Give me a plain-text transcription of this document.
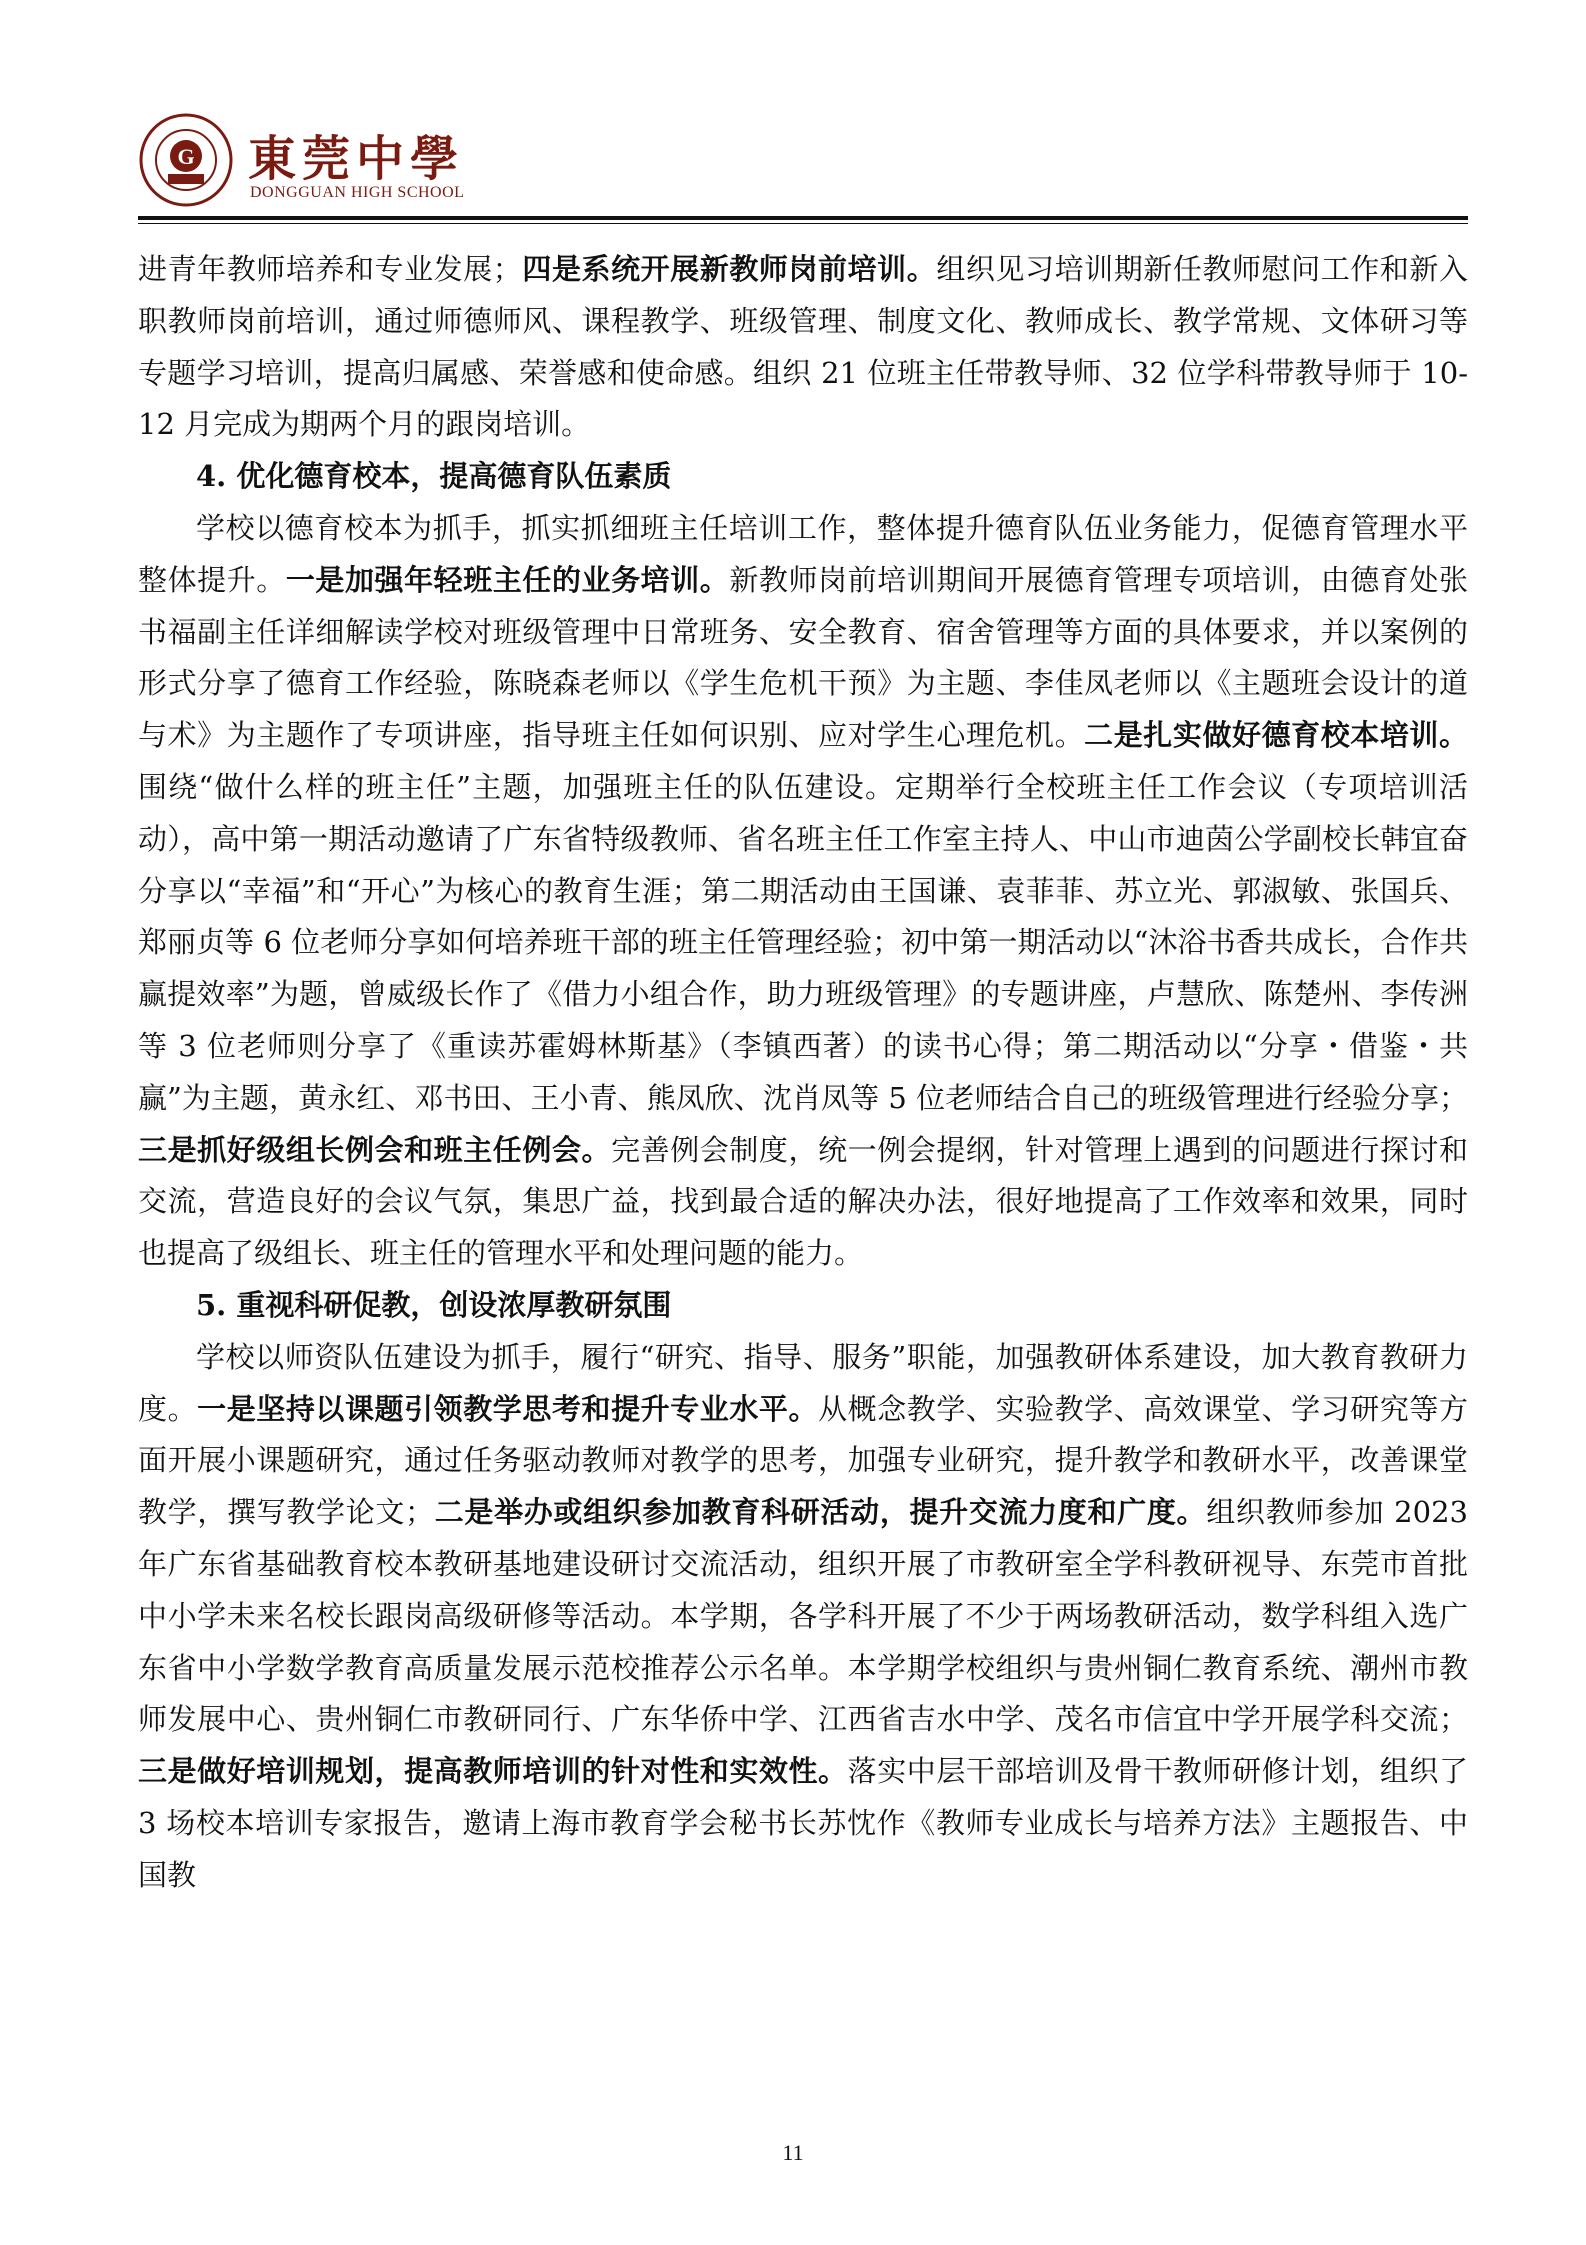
G 東莞中學
DONGGUAN HIGH SCHOOL

进青年教师培养和专业发展；四是系统开展新教师岗前培训。组织见习培训期新任教师慰问工作和新入职教师岗前培训，通过师德师风、课程教学、班级管理、制度文化、教师成长、教学常规、文体研习等专题学习培训，提高归属感、荣誉感和使命感。组织 21 位班主任带教导师、32 位学科带教导师于 10-12 月完成为期两个月的跟岗培训。

4. 优化德育校本，提高德育队伍素质

学校以德育校本为抓手，抓实抓细班主任培训工作，整体提升德育队伍业务能力，促德育管理水平整体提升。一是加强年轻班主任的业务培训。新教师岗前培训期间开展德育管理专项培训，由德育处张书福副主任详细解读学校对班级管理中日常班务、安全教育、宿舍管理等方面的具体要求，并以案例的形式分享了德育工作经验，陈晓森老师以《学生危机干预》为主题、李佳凤老师以《主题班会设计的道与术》为主题作了专项讲座，指导班主任如何识别、应对学生心理危机。二是扎实做好德育校本培训。围绕“做什么样的班主任”主题，加强班主任的队伍建设。定期举行全校班主任工作会议（专项培训活动），高中第一期活动邀请了广东省特级教师、省名班主任工作室主持人、中山市迪茵公学副校长韩宜奋分享以“幸福”和“开心”为核心的教育生涯；第二期活动由王国谦、袁菲菲、苏立光、郭淑敏、张国兵、郑丽贞等 6 位老师分享如何培养班干部的班主任管理经验；初中第一期活动以“沐浴书香共成长，合作共赢提效率”为题，曾威级长作了《借力小组合作，助力班级管理》的专题讲座，卢慧欣、陈楚州、李传洲等 3 位老师则分享了《重读苏霍姆林斯基》（李镇西著）的读书心得；第二期活动以“分享・借鉴・共赢”为主题，黄永红、邓书田、王小青、熊凤欣、沈肖凤等 5 位老师结合自己的班级管理进行经验分享；三是抓好级组长例会和班主任例会。完善例会制度，统一例会提纲，针对管理上遇到的问题进行探讨和交流，营造良好的会议气氛，集思广益，找到最合适的解决办法，很好地提高了工作效率和效果，同时也提高了级组长、班主任的管理水平和处理问题的能力。

5. 重视科研促教，创设浓厚教研氛围

学校以师资队伍建设为抓手，履行“研究、指导、服务”职能，加强教研体系建设，加大教育教研力度。一是坚持以课题引领教学思考和提升专业水平。从概念教学、实验教学、高效课堂、学习研究等方面开展小课题研究，通过任务驱动教师对教学的思考，加强专业研究，提升教学和教研水平，改善课堂教学，撰写教学论文；二是举办或组织参加教育科研活动，提升交流力度和广度。组织教师参加 2023 年广东省基础教育校本教研基地建设研讨交流活动，组织开展了市教研室全学科教研视导、东莞市首批中小学未来名校长跟岗高级研修等活动。本学期，各学科开展了不少于两场教研活动，数学科组入选广东省中小学数学教育高质量发展示范校推荐公示名单。本学期学校组织与贵州铜仁教育系统、潮州市教师发展中心、贵州铜仁市教研同行、广东华侨中学、江西省吉水中学、茂名市信宜中学开展学科交流；三是做好培训规划，提高教师培训的针对性和实效性。落实中层干部培训及骨干教师研修计划，组织了 3 场校本培训专家报告，邀请上海市教育学会秘书长苏忱作《教师专业成长与培养方法》主题报告、中国教

11
